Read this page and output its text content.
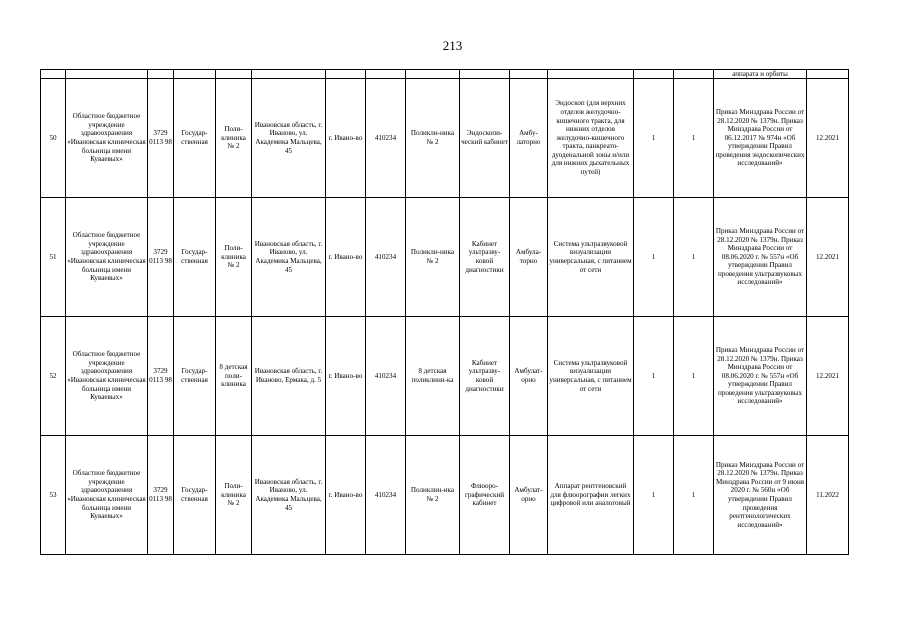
213
														аппарата и орбиты	
50	Областное бюджетное учреждение здравоохранения «Ивановская клиническая больница имени Куваевых»	3729 0113 98	Государ-ственная	Поли-клиника № 2	Ивановская область, г. Иваново, ул. Академика Мальцева, 45	г. Ивано-во	410234	Поликли-ника № 2	Эндоскопи-ческий кабинет	Амбу-латорно	Эндоскоп (для верхних отделов желудочно-кишечного тракта, для нижних отделов желудочно-кишечного тракта, панкреато-дуоденальной зоны и/или для нижних дыхательных путей)	1	1	Приказ Минздрава России от 28.12.2020 № 1379н. Приказ Минздрава России от 06.12.2017 № 974н «Об утверждении Правил проведения эндоскопических исследований»	12.2021
51	Областное бюджетное учреждение здравоохранения «Ивановская клиническая больница имени Куваевых»	3729 0113 98	Государ-ственная	Поли-клиника № 2	Ивановская область, г. Иваново, ул. Академика Мальцева, 45	г. Ивано-во	410234	Поликли-ника № 2	Кабинет ультразву-ковой диагностики	Амбула-торно	Система ультразвуковой визуализации универсальная, с питанием от сети	1	1	Приказ Минздрава России от 28.12.2020 № 1379н. Приказ Минздрава России от 08.06.2020 г. № 557н «Об утверждении Правил проведения ультразвуковых исследований»	12.2021
52	Областное бюджетное учреждение здравоохранения «Ивановская клиническая больница имени Куваевых»	3729 0113 98	Государ-ственная	8 детская поли-клиника	Ивановская область, г. Иваново, Ермака, д. 5	г. Ивано-во	410234	8 детская поликлини-ка	Кабинет ультразву-ковой диагностики	Амбулат-орно	Система ультразвуковой визуализации универсальная, с питанием от сети	1	1	Приказ Минздрава России от 28.12.2020 № 1379н. Приказ Минздрава России от 08.06.2020 г. № 557н «Об утверждении Правил проведения ультразвуковых исследований»	12.2021
53	Областное бюджетное учреждение здравоохранения «Ивановская клиническая больница имени Куваевых»	3729 0113 98	Государ-ственная	Поли-клиника № 2	Ивановская область, г. Иваново, ул. Академика Мальцева, 45	г. Ивано-во	410234	Поликлин-ика № 2	Флюоро-графический кабинет	Амбулат-орно	Аппарат рентгеновский для флюорографии легких цифровой или аналоговый	1	1	Приказ Минздрава России от 28.12.2020 № 1379н. Приказ Минздрава России от 9 июня 2020 г. № 560н «Об утверждении Правил проведения рентгенологических исследований»	11.2022
